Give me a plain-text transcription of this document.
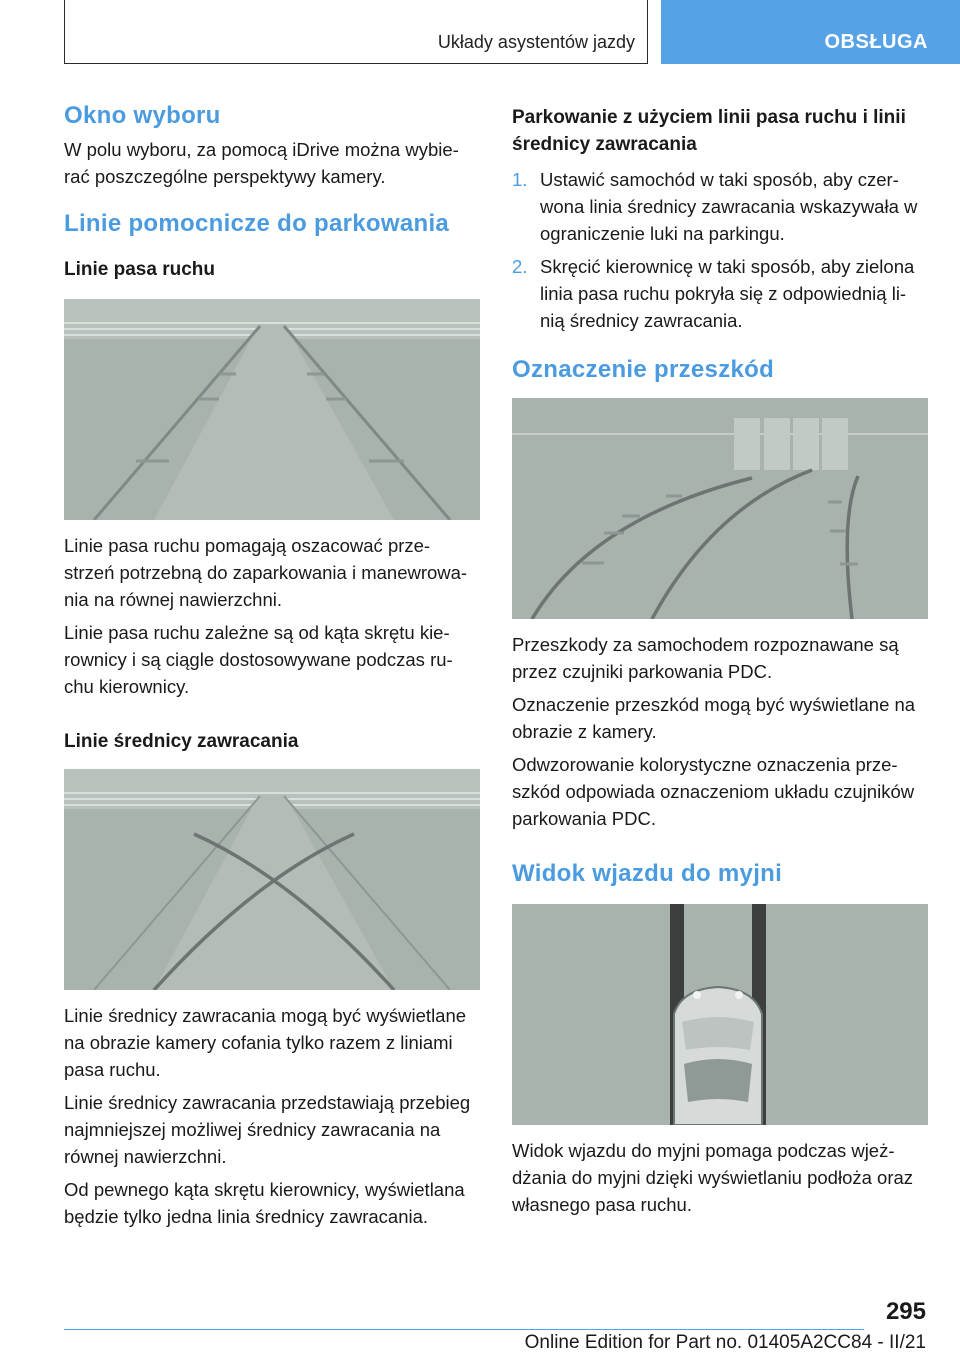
Układy asystentów jazdy	OBSŁUGA
Okno wyboru

W polu wyboru, za pomocą iDrive można wybie-rać poszczególne perspektywy kamery.

Linie pomocnicze do parkowania
Linie pasa ruchu

Linie pasa ruchu pomagają oszacować prze-strzeń potrzebną do zaparkowania i manewrowa-nia na równej nawierzchni.

Linie pasa ruchu zależne są od kąta skrętu kie-rownicy i są ciągle dostosowywane podczas ru-chu kierownicy.

Linie średnicy zawracania

Linie średnicy zawracania mogą być wyświetlane na obrazie kamery cofania tylko razem z liniami pasa ruchu.

Linie średnicy zawracania przedstawiają przebieg najmniejszej możliwej średnicy zawracania na równej nawierzchni.

Od pewnego kąta skrętu kierownicy, wyświetlana będzie tylko jedna linia średnicy zawracania.

Parkowanie z użyciem linii pasa ruchu i linii średnicy zawracania
1. Ustawić samochód w taki sposób, aby czer-wona linia średnicy zawracania wskazywała w ograniczenie luki na parkingu.
2. Skręcić kierownicę w taki sposób, aby zielona linia pasa ruchu pokryła się z odpowiednią li-nią średnicy zawracania.
Oznaczenie przeszkód

Przeszkody za samochodem rozpoznawane są przez czujniki parkowania PDC.

Oznaczenie przeszkód mogą być wyświetlane na obrazie z kamery.

Odwzorowanie kolorystyczne oznaczenia prze-szkód odpowiada oznaczeniom układu czujników parkowania PDC.

Widok wjazdu do myjni

Widok wjazdu do myjni pomaga podczas wjeż-dżania do myjni dzięki wyświetlaniu podłoża oraz własnego pasa ruchu.

295
Online Edition for Part no. 01405A2CC84 - II/21
